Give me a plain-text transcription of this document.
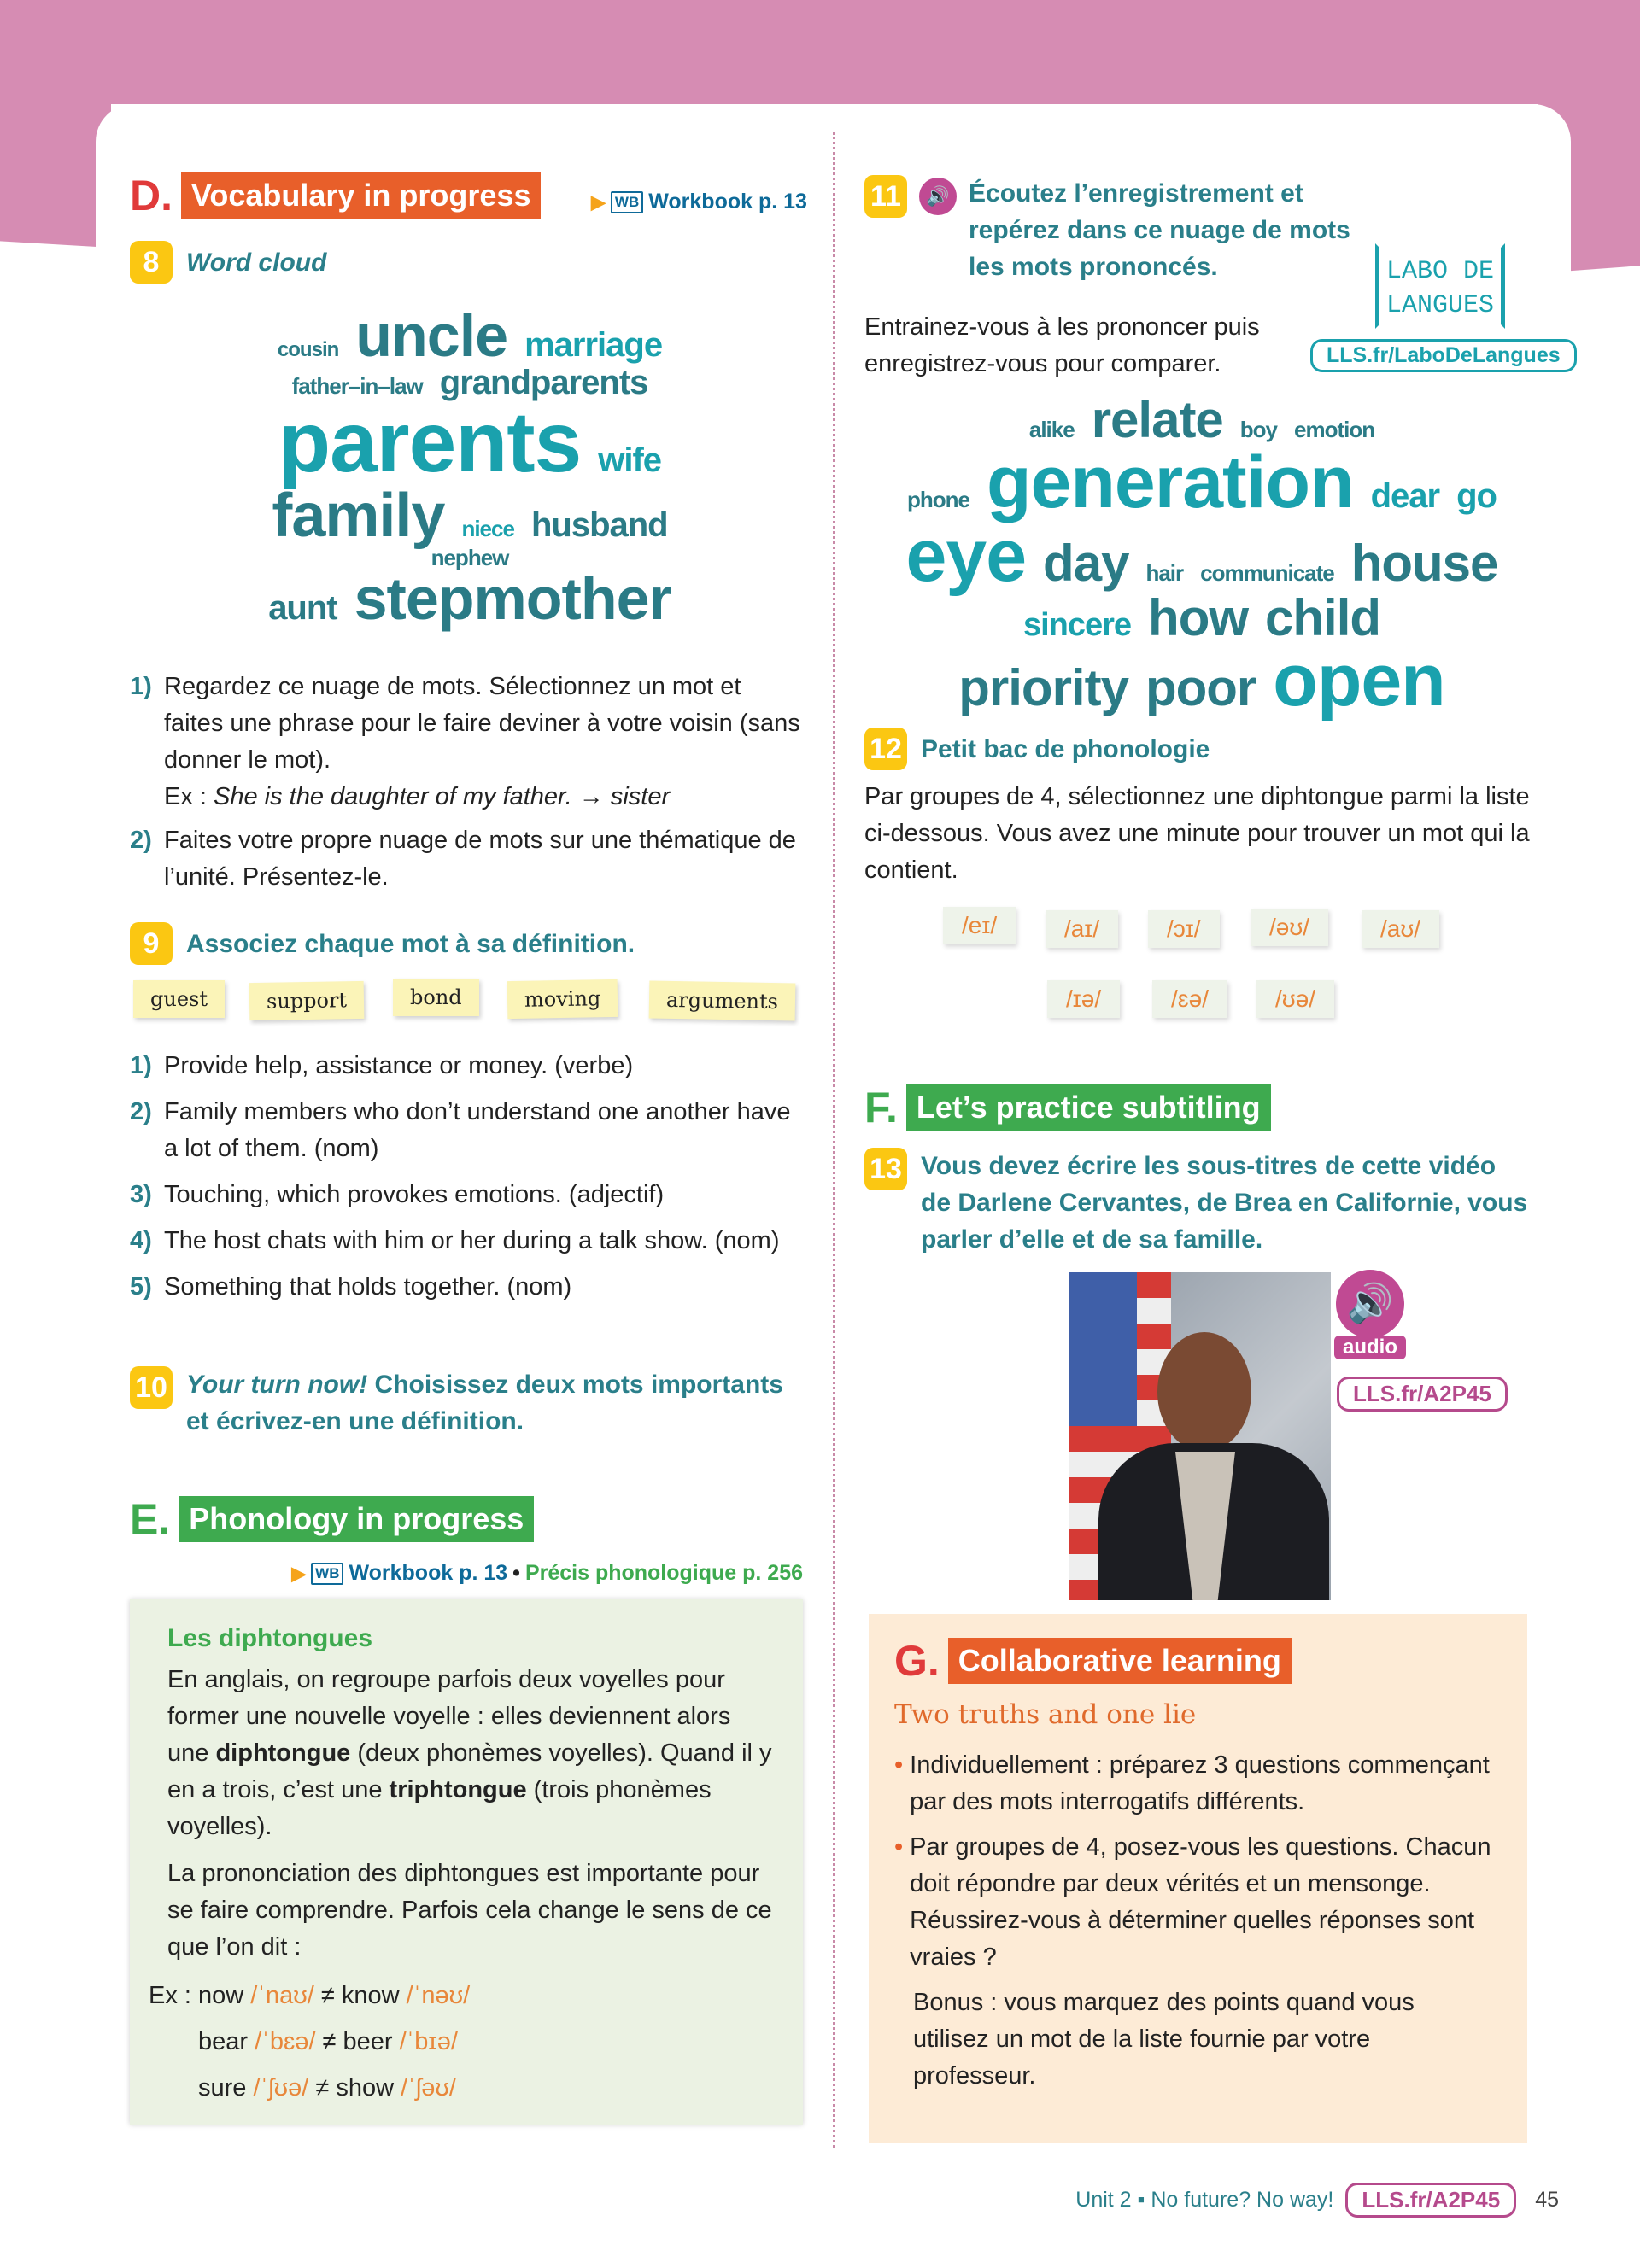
D. Vocabulary in progress	▶ WB Workbook p. 13
8	Word cloud
cousin uncle marriage
father–in–law grandparents
parents wife
family niece husband
nephew
aunt stepmother
1) Regardez ce nuage de mots. Sélectionnez un mot et faites une phrase pour le faire deviner à votre voisin (sans donner le mot).
Ex : She is the daughter of my father. → sister
2) Faites votre propre nuage de mots sur une thématique de l’unité. Présentez-le.
9	Associez chaque mot à sa définition.
guest	support	bond	moving	arguments
1) Provide help, assistance or money. (verbe)
2) Family members who don’t understand one another have a lot of them. (nom)
3) Touching, which provokes emotions. (adjectif)
4) The host chats with him or her during a talk show. (nom)
5) Something that holds together. (nom)
10 Your turn now! Choisissez deux mots importants et écrivez-en une définition.
E. Phonology in progress
▶ WB Workbook p. 13 • Précis phonologique p. 256
Les diphtongues

En anglais, on regroupe parfois deux voyelles pour former une nouvelle voyelle : elles deviennent alors une diphtongue (deux phonèmes voyelles). Quand il y en a trois, c’est une triphtongue (trois phonèmes voyelles).

La prononciation des diphtongues est importante pour se faire comprendre. Parfois cela change le sens de ce que l’on dit :

Ex : now /ˈnaʊ/ ≠ know /ˈnəʊ/
bear /ˈbɛə/ ≠ beer /ˈbɪə/
sure /ˈʃʊə/ ≠ show /ˈʃəʊ/
11	🔊 Écoutez l’enregistrement et repérez dans ce nuage de mots les mots prononcés.
Entrainez-vous à les prononcer puis enregistrez-vous pour comparer.
LABO DE LANGUES
LLS.fr/LaboDeLangues
alike relate boy emotion
phone generation dear go
eye day hair communicate house
sincere how child
priority poor open
12 Petit bac de phonologie
Par groupes de 4, sélectionnez une diphtongue parmi la liste ci-dessous. Vous avez une minute pour trouver un mot qui la contient.
/eɪ/	/aɪ/	/ɔɪ/	/əʊ/	/aʊ/
/ɪə/	/ɛə/	/ʊə/
F. Let’s practice subtitling
13 Vous devez écrire les sous-titres de cette vidéo de Darlene Cervantes, de Brea en Californie, vous parler d’elle et de sa famille.
🔊
audio
LLS.fr/A2P45
G. Collaborative learning
Two truths and one lie
• Individuellement : préparez 3 questions commençant par des mots interrogatifs différents.
• Par groupes de 4, posez-vous les questions. Chacun doit répondre par deux vérités et un mensonge. Réussirez-vous à déterminer quelles réponses sont vraies ?
Bonus : vous marquez des points quand vous utilisez un mot de la liste fournie par votre professeur.
Unit 2 ▪ No future? No way!	LLS.fr/A2P45	45
